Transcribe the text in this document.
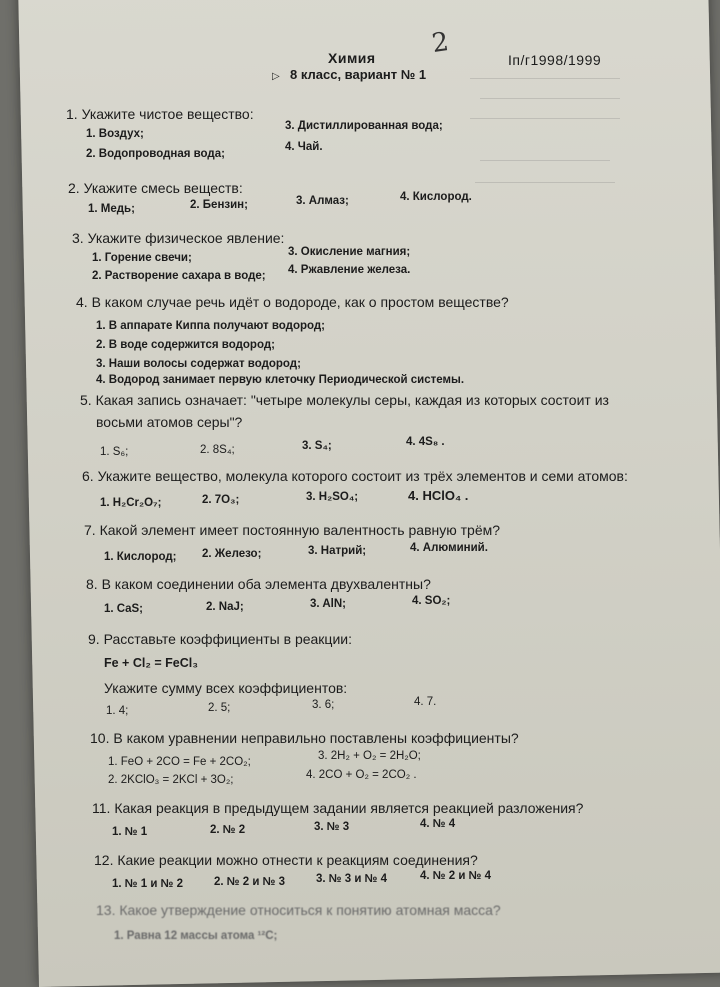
Химия 2
Iп/г1998/1999
▷ 8 класс, вариант № 1
1. Укажите чистое вещество:
1. Воздух;
3. Дистиллированная вода;
2. Водопроводная вода;
4. Чай.
2. Укажите смесь веществ:
1. Медь;	2. Бензин;	3. Алмаз;	4. Кислород.
3. Укажите физическое явление:
1. Горение свечи;	3. Окисление магния;
2. Растворение сахара в воде; 4. Ржавление железа.
4. В каком случае речь идёт о водороде, как о простом веществе?
1. В аппарате Киппа получают водород;
2. В воде содержится водород;
3. Наши волосы содержат водород;
4. Водород занимает первую клеточку Периодической системы.
5. Какая запись означает: "четыре молекулы серы, каждая из которых состоит из
восьми атомов серы"?
1. S₆;	2. 8S₄;	3. S₄;	4. 4S₈ .
6. Укажите вещество, молекула которого состоит из трёх элементов и семи атомов:
1. H₂Cr₂O₇;	2. 7O₃;	3. H₂SO₄;	4. HClO₄ .
7. Какой элемент имеет постоянную валентность равную трём?
1. Кислород; 2. Железо;	3. Натрий;	4. Алюминий.
8. В каком соединении оба элемента двухвалентны?
1. CaS;	2. NaJ;	3. AlN;	4. SO₂;
9. Расставьте коэффициенты в реакции:
Fe + Cl₂ = FeCl₃
Укажите сумму всех коэффициентов:
1. 4;	2. 5;	3. 6;	4. 7.
10. В каком уравнении неправильно поставлены коэффициенты?
1. FeO + 2CO = Fe + 2CO₂;	3. 2H₂ + O₂ = 2H₂O;
2. 2KClO₃ = 2KCl + 3O₂;	4. 2CO + O₂ = 2CO₂ .
11. Какая реакция в предыдущем задании является реакцией разложения?
1. № 1	2. № 2	3. № 3	4. № 4
12. Какие реакции можно отнести к реакциям соединения?
1. № 1 и № 2	2. № 2 и № 3	3. № 3 и № 4	4. № 2 и № 4
13. Какое утверждение относиться к понятию атомная масса?
1. Равна 12 массы атома ¹²C;
